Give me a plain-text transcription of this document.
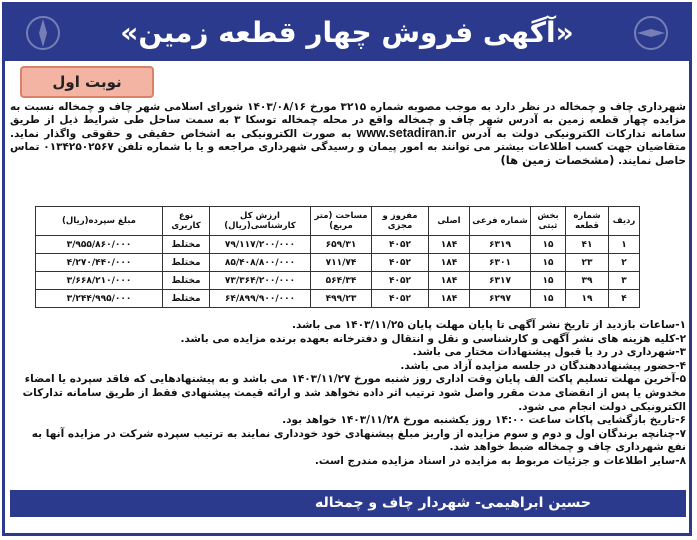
«آگهی فروش چهار قطعه زمین»
نوبت اول
شهرداری چاف و چمخاله در نظر دارد به موجب مصوبه شماره ۳۲۱۵ مورخ ۱۴۰۳/۰۸/۱۶ شورای اسلامی شهر چاف و چمخاله نسبت به مزایده چهار قطعه زمین به آدرس شهر چاف و چمخاله واقع در محله چمخاله توسکا ۳ به سمت ساحل طی شرایط ذیل از طریق سامانه تدارکات الکترونیکی دولت به آدرس www.setadiran.ir به صورت الکترونیکی به اشخاص حقیقی و حقوقی واگذار نماید. متقاضیان جهت کسب اطلاعات بیشتر می توانند به امور پیمان و رسیدگی شهرداری مراجعه و یا با شماره تلفن ۰۱۳۴۲۵۰۲۵۶۷ تماس حاصل نمایند. (مشخصات زمین ها)
ردیف	شماره قطعه	بخش ثبتی	شماره فرعی	اصلی	مفروز و مجزی	مساحت (متر مربع)	ارزش کل کارشناسی(ریال)	نوع کاربری	مبلغ سپرده(ریال)
۱	۴۱	۱۵	۶۳۱۹	۱۸۴	۴۰۵۲	۶۵۹/۳۱	۷۹/۱۱۷/۲۰۰/۰۰۰	مختلط	۳/۹۵۵/۸۶۰/۰۰۰
۲	۲۳	۱۵	۶۳۰۱	۱۸۴	۴۰۵۲	۷۱۱/۷۴	۸۵/۴۰۸/۸۰۰/۰۰۰	مختلط	۴/۲۷۰/۴۴۰/۰۰۰
۳	۳۹	۱۵	۶۳۱۷	۱۸۴	۴۰۵۲	۵۶۴/۳۴	۷۳/۳۶۴/۲۰۰/۰۰۰	مختلط	۳/۶۶۸/۲۱۰/۰۰۰
۴	۱۹	۱۵	۶۲۹۷	۱۸۴	۴۰۵۲	۴۹۹/۲۳	۶۴/۸۹۹/۹۰۰/۰۰۰	مختلط	۳/۲۴۴/۹۹۵/۰۰۰
۱-ساعات بازدید از تاریخ نشر آگهی تا پایان مهلت پایان ۱۴۰۳/۱۱/۲۵ می باشد.
۲-کلیه هزینه های نشر آگهی و کارشناسی و نقل و انتقال و دفترخانه بعهده برنده مزایده می باشد.
۳-شهرداری در رد یا قبول پیشنهادات مختار می باشد.
۴-حضور پیشنهاددهندگان در جلسه مزایده آزاد می باشد.
۵-آخرین مهلت تسلیم پاکت الف پایان وقت اداری روز شنبه مورخ ۱۴۰۳/۱۱/۲۷ می باشد و به پیشنهادهایی که فاقد سپرده یا امضاء مخدوش یا پس از انقضای مدت مقرر واصل شود ترتیب اثر داده نخواهد شد و ارائه قیمت پیشنهادی فقط از طریق سامانه تدارکات الکترونیکی دولت انجام می شود.
۶-تاریخ بازگشایی پاکات ساعت ۱۴:۰۰ روز یکشنبه مورخ ۱۴۰۳/۱۱/۲۸ خواهد بود.
۷-چنانچه برندگان اول و دوم و سوم مزایده از واریز مبلغ پیشنهادی خود خودداری نمایند به ترتیب سپرده شرکت در مزایده آنها به نفع شهرداری چاف و چمخاله ضبط خواهد شد.
۸-سایر اطلاعات و جزئیات مربوط به مزایده در اسناد مزایده مندرج است.
حسین ابراهیمی- شهردار چاف و چمخاله
